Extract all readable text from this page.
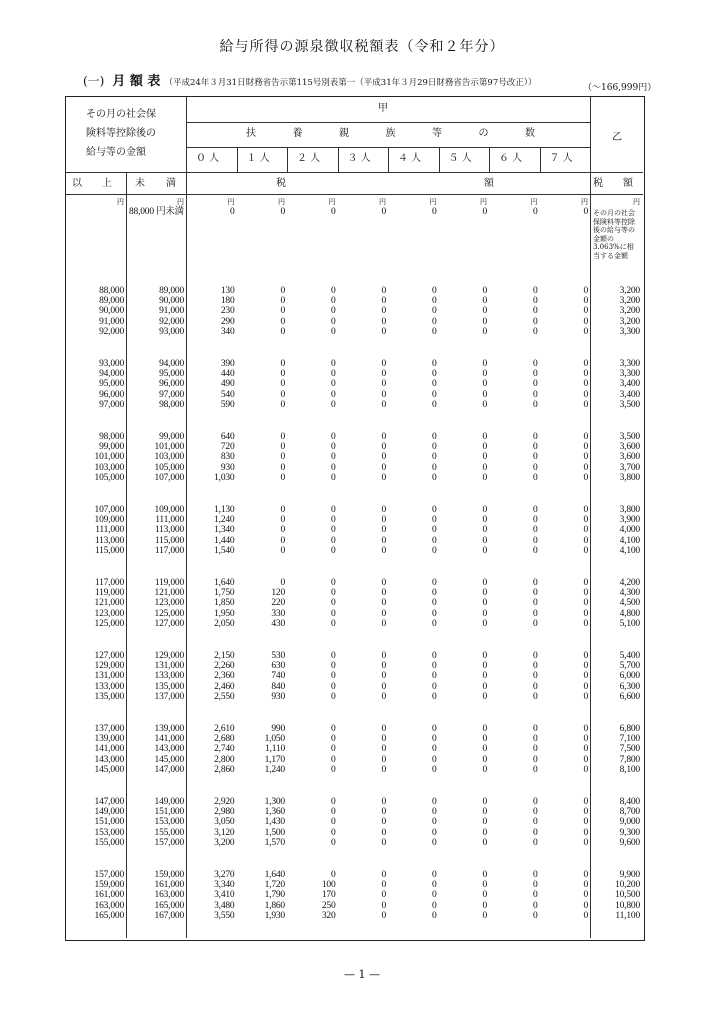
給与所得の源泉徴収税額表（令和２年分）
(一) 月 額 表 （平成24年３月31日財務省告示第115号別表第一（平成31年３月29日財務省告示第97号改正））	（～166,999円）
その月の社会保
険料等控除後の
給与等の金額
甲
乙
扶	養	親	族	等	の	数
０ 人	１ 人	２ 人	３ 人	４ 人	５ 人	６ 人	７ 人
以 上 未 満	税	額	税　　額
円	円	円	円	円	円	円	円	円	円	円
88,000 円未満	0	0	0	0	0	0	0	0 その月の社会保険料等控除後の給与等の金額の3.063%に相当する金額
88,000	89,000	130	0	0	0	0	0	0	0	3,200
89,000	90,000	180	0	0	0	0	0	0	0	3,200
90,000	91,000	230	0	0	0	0	0	0	0	3,200
91,000	92,000	290	0	0	0	0	0	0	0	3,200
92,000	93,000	340	0	0	0	0	0	0	0	3,300
93,000	94,000	390	0	0	0	0	0	0	0	3,300
94,000	95,000	440	0	0	0	0	0	0	0	3,300
95,000	96,000	490	0	0	0	0	0	0	0	3,400
96,000	97,000	540	0	0	0	0	0	0	0	3,400
97,000	98,000	590	0	0	0	0	0	0	0	3,500
98,000	99,000	640	0	0	0	0	0	0	0	3,500
99,000	101,000	720	0	0	0	0	0	0	0	3,600
101,000	103,000	830	0	0	0	0	0	0	0	3,600
103,000	105,000	930	0	0	0	0	0	0	0	3,700
105,000	107,000	1,030	0	0	0	0	0	0	0	3,800
107,000	109,000	1,130	0	0	0	0	0	0	0	3,800
109,000	111,000	1,240	0	0	0	0	0	0	0	3,900
111,000	113,000	1,340	0	0	0	0	0	0	0	4,000
113,000	115,000	1,440	0	0	0	0	0	0	0	4,100
115,000	117,000	1,540	0	0	0	0	0	0	0	4,100
117,000	119,000	1,640	0	0	0	0	0	0	0	4,200
119,000	121,000	1,750	120	0	0	0	0	0	0	4,300
121,000	123,000	1,850	220	0	0	0	0	0	0	4,500
123,000	125,000	1,950	330	0	0	0	0	0	0	4,800
125,000	127,000	2,050	430	0	0	0	0	0	0	5,100
127,000	129,000	2,150	530	0	0	0	0	0	0	5,400
129,000	131,000	2,260	630	0	0	0	0	0	0	5,700
131,000	133,000	2,360	740	0	0	0	0	0	0	6,000
133,000	135,000	2,460	840	0	0	0	0	0	0	6,300
135,000	137,000	2,550	930	0	0	0	0	0	0	6,600
137,000	139,000	2,610	990	0	0	0	0	0	0	6,800
139,000	141,000	2,680	1,050	0	0	0	0	0	0	7,100
141,000	143,000	2,740	1,110	0	0	0	0	0	0	7,500
143,000	145,000	2,800	1,170	0	0	0	0	0	0	7,800
145,000	147,000	2,860	1,240	0	0	0	0	0	0	8,100
147,000	149,000	2,920	1,300	0	0	0	0	0	0	8,400
149,000	151,000	2,980	1,360	0	0	0	0	0	0	8,700
151,000	153,000	3,050	1,430	0	0	0	0	0	0	9,000
153,000	155,000	3,120	1,500	0	0	0	0	0	0	9,300
155,000	157,000	3,200	1,570	0	0	0	0	0	0	9,600
157,000	159,000	3,270	1,640	0	0	0	0	0	0	9,900
159,000	161,000	3,340	1,720	100	0	0	0	0	0	10,200
161,000	163,000	3,410	1,790	170	0	0	0	0	0	10,500
163,000	165,000	3,480	1,860	250	0	0	0	0	0	10,800
165,000	167,000	3,550	1,930	320	0	0	0	0	0	11,100
— 1 —
